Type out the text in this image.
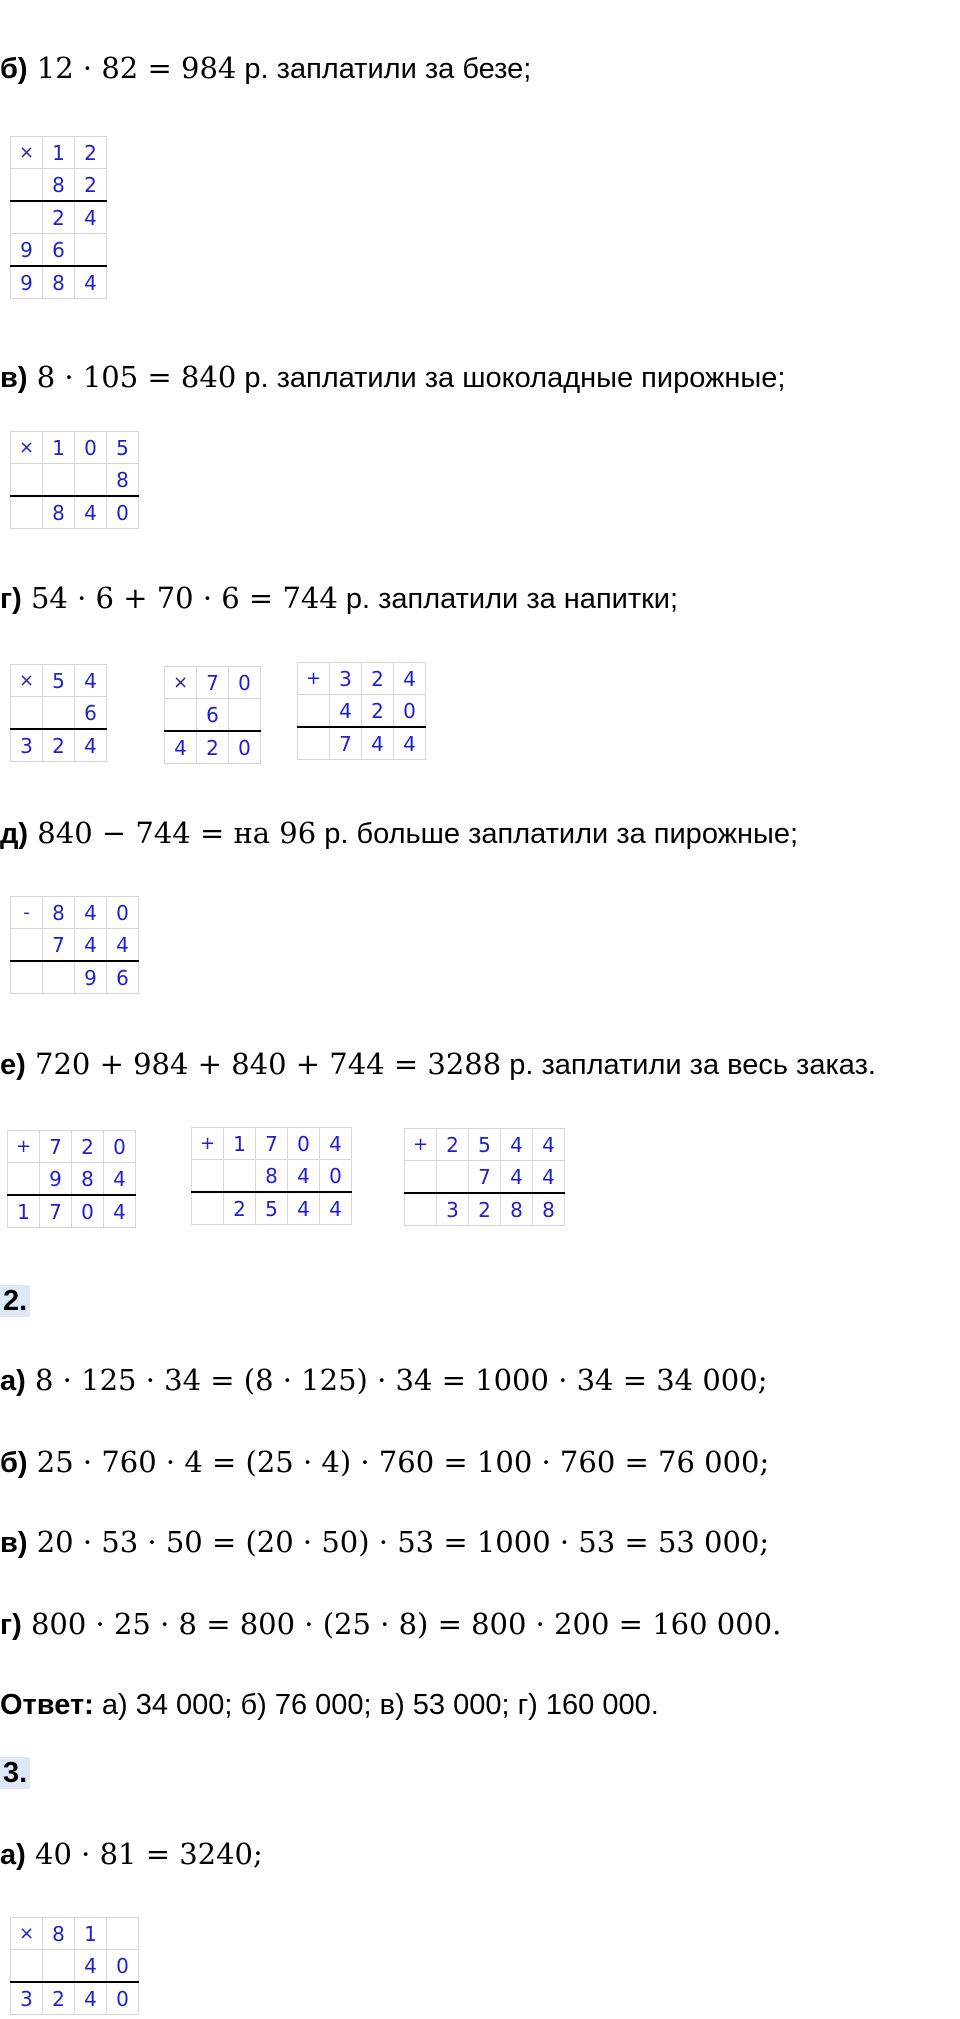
б) 12 · 82 = 984 р. заплатили за безе;
×	1	2
	8	2
	2	4
9	6	
9	8	4
в) 8 · 105 = 840 р. заплатили за шоколадные пирожные;
×	1	0	5
			8
	8	4	0
г) 54 · 6 + 70 · 6 = 744 р. заплатили за напитки;
×	5	4
		6
3	2	4
×	7	0
	6	
4	2	0
+	3	2	4
	4	2	0
	7	4	4
д) 840 − 744 = на 96 р. больше заплатили за пирожные;
-	8	4	0
	7	4	4
		9	6
е) 720 + 984 + 840 + 744 = 3288 р. заплатили за весь заказ.
+	7	2	0
	9	8	4
1	7	0	4
+	1	7	0	4
		8	4	0
	2	5	4	4
+	2	5	4	4
		7	4	4
	3	2	8	8
2.
а) 8 · 125 · 34 = (8 · 125) · 34 = 1000 · 34 = 34 000;
б) 25 · 760 · 4 = (25 · 4) · 760 = 100 · 760 = 76 000;
в) 20 · 53 · 50 = (20 · 50) · 53 = 1000 · 53 = 53 000;
г) 800 · 25 · 8 = 800 · (25 · 8) = 800 · 200 = 160 000.
Ответ: а) 34 000; б) 76 000; в) 53 000; г) 160 000.
3.
а) 40 · 81 = 3240;
×	8	1	
		4	0
3	2	4	0
